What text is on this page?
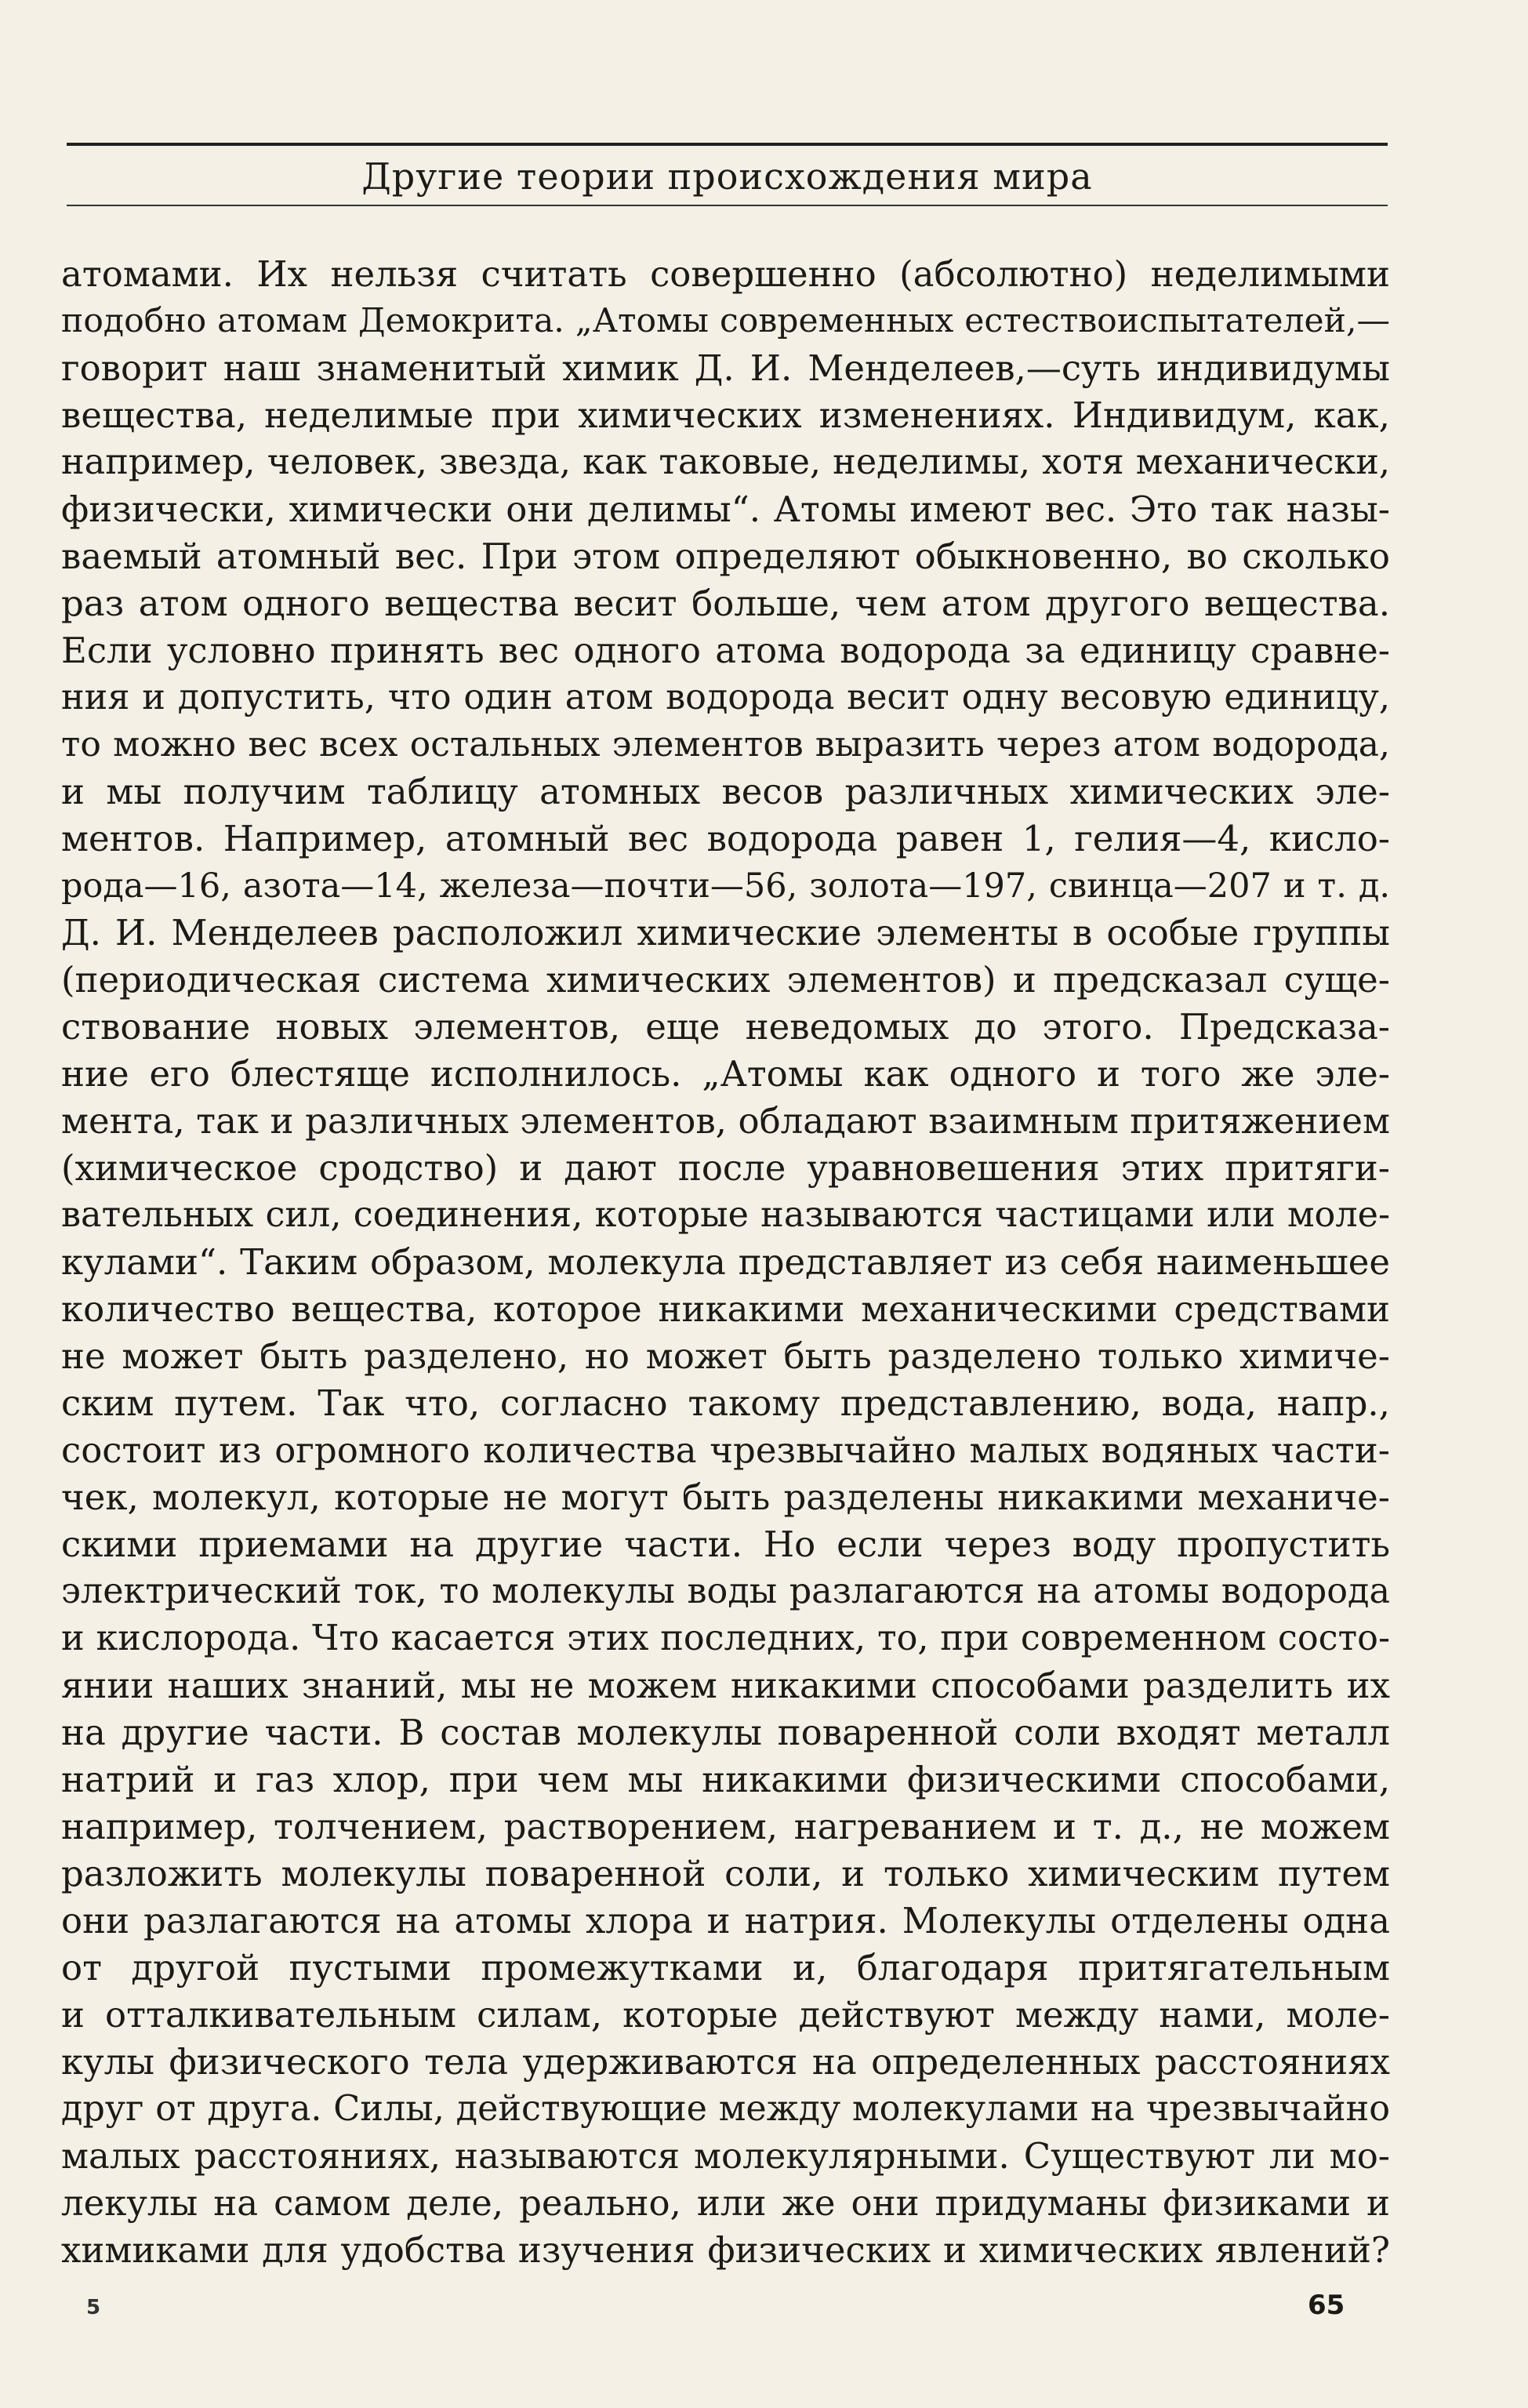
Другие теории происхождения мира
атомами. Их нельзя считать совершенно (абсолютно) неделимыми
подобно атомам Демокрита. „Атомы современных естествоиспытателей,—
говорит наш знаменитый химик Д. И. Менделеев,—суть индивидумы
вещества, неделимые при химических изменениях. Индивидум, как,
например, человек, звезда, как таковые, неделимы, хотя механически,
физически, химически они делимы“. Атомы имеют вес. Это так назы-
ваемый атомный вес. При этом определяют обыкновенно, во сколько
раз атом одного вещества весит больше, чем атом другого вещества.
Если условно принять вес одного атома водорода за единицу сравне-
ния и допустить, что один атом водорода весит одну весовую единицу,
то можно вес всех остальных элементов выразить через атом водорода,
и мы получим таблицу атомных весов различных химических эле-
ментов. Например, атомный вес водорода равен 1, гелия—4, кисло-
рода—16, азота—14, железа—почти—56, золота—197, свинца—207 и т. д.
Д. И. Менделеев расположил химические элементы в особые группы
(периодическая система химических элементов) и предсказал суще-
ствование новых элементов, еще неведомых до этого. Предсказа-
ние его блестяще исполнилось. „Атомы как одного и того же эле-
мента, так и различных элементов, обладают взаимным притяжением
(химическое сродство) и дают после уравновешения этих притяги-
вательных сил, соединения, которые называются частицами или моле-
кулами“. Таким образом, молекула представляет из себя наименьшее
количество вещества, которое никакими механическими средствами
не может быть разделено, но может быть разделено только химиче-
ским путем. Так что, согласно такому представлению, вода, напр.,
состоит из огромного количества чрезвычайно малых водяных части-
чек, молекул, которые не могут быть разделены никакими механиче-
скими приемами на другие части. Но если через воду пропустить
электрический ток, то молекулы воды разлагаются на атомы водорода
и кислорода. Что касается этих последних, то, при современном состо-
янии наших знаний, мы не можем никакими способами разделить их
на другие части. В состав молекулы поваренной соли входят металл
натрий и газ хлор, при чем мы никакими физическими способами,
например, толчением, растворением, нагреванием и т. д., не можем
разложить молекулы поваренной соли, и только химическим путем
они разлагаются на атомы хлора и натрия. Молекулы отделены одна
от другой пустыми промежутками и, благодаря притягательным
и отталкивательным силам, которые действуют между нами, моле-
кулы физического тела удерживаются на определенных расстояниях
друг от друга. Силы, действующие между молекулами на чрезвычайно
малых расстояниях, называются молекулярными. Существуют ли мо-
лекулы на самом деле, реально, или же они придуманы физиками и
химиками для удобства изучения физических и химических явлений?
5	65
